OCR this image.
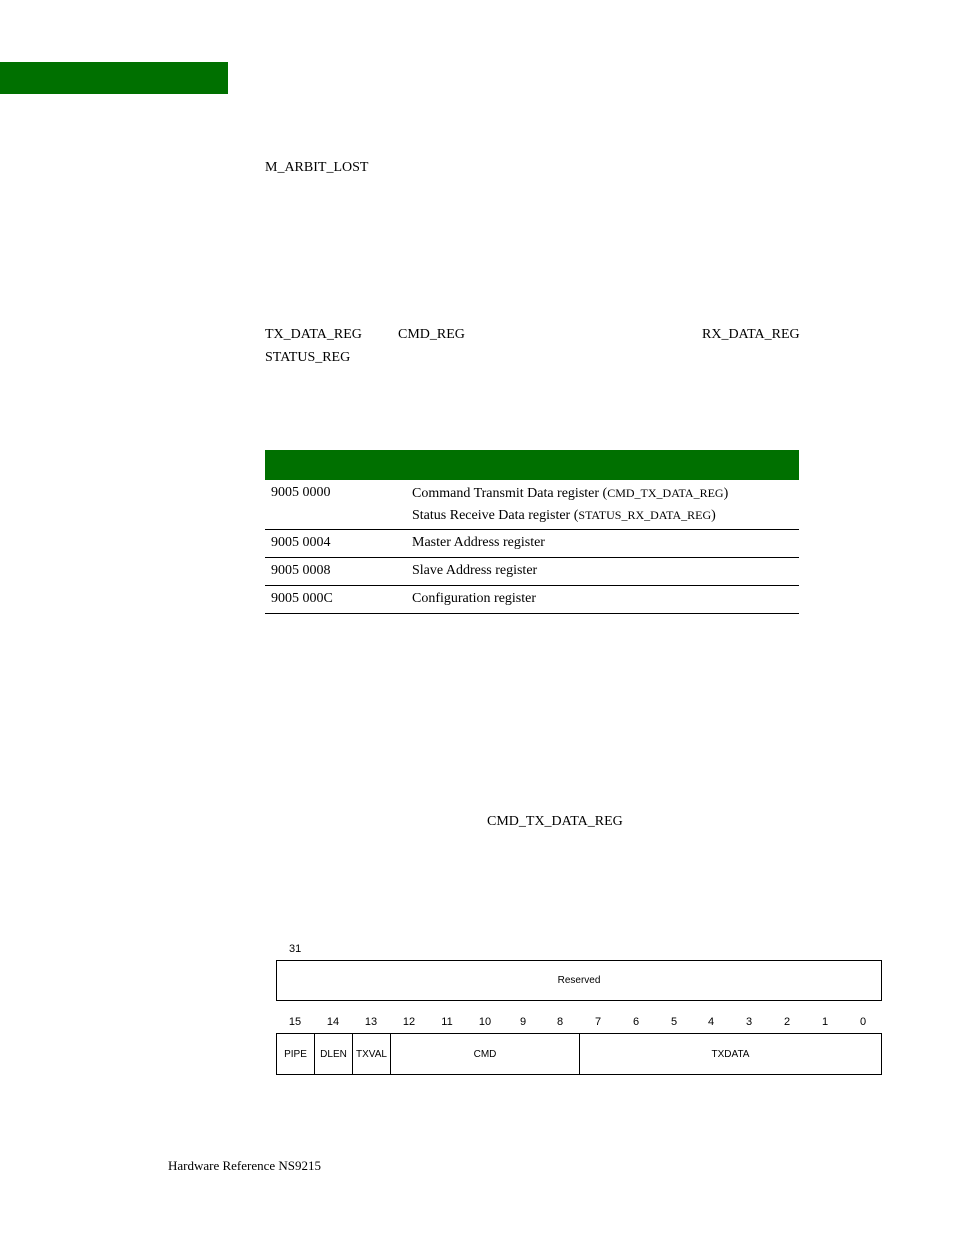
M_ARBIT_LOST
TX_DATA_REG	CMD_REG	RX_DATA_REG
STATUS_REG
9005 0000	Command Transmit Data register (CMD_TX_DATA_REG)
Status Receive Data register (STATUS_RX_DATA_REG)
9005 0004	Master Address register
9005 0008	Slave Address register
9005 000C	Configuration register
CMD_TX_DATA_REG
31
Reserved
15	14	13	12	11	10	9	8	7	6	5	4	3	2	1	0
PIPE	DLEN TXVAL	CMD	TXDATA
Hardware Reference NS9215
